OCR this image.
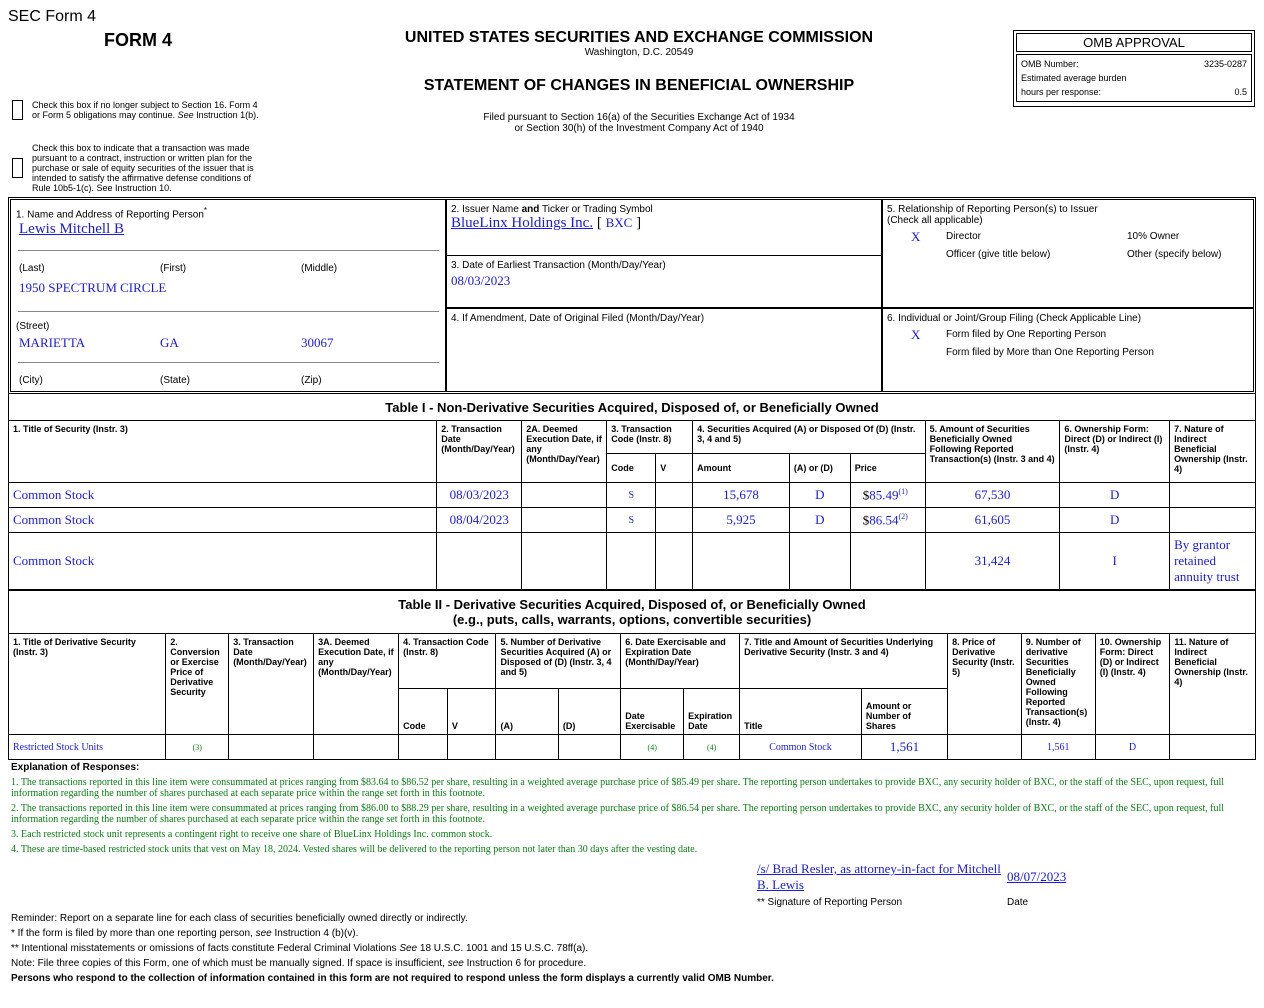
SEC Form 4
FORM 4	UNITED STATES SECURITIES AND EXCHANGE COMMISSION
Washington, D.C. 20549
STATEMENT OF CHANGES IN BENEFICIAL OWNERSHIP
Filed pursuant to Section 16(a) of the Securities Exchange Act of 1934
or Section 30(h) of the Investment Company Act of 1940
Check this box if no longer subject to Section 16. Form 4
or Form 5 obligations may continue. See Instruction 1(b).
Check this box to indicate that a transaction was made pursuant to a contract, instruction or written plan for the purchase or sale of equity securities of the issuer that is intended to satisfy the affirmative defense conditions of Rule 10b5-1(c). See Instruction 10.
OMB APPROVAL
OMB Number:	3235-0287
Estimated average burden
hours per response:	0.5
1. Name and Address of Reporting Person*
Lewis Mitchell B
(Last)	(First)	(Middle)
1950 SPECTRUM CIRCLE
(Street)
MARIETTA	GA	30067
(City)	(State)	(Zip)
2. Issuer Name and Ticker or Trading Symbol
BlueLinx Holdings Inc. [ BXC ]
3. Date of Earliest Transaction (Month/Day/Year)
08/03/2023
4. If Amendment, Date of Original Filed (Month/Day/Year)
5. Relationship of Reporting Person(s) to Issuer
(Check all applicable)
X	Director	10% Owner
Officer (give title below)	Other (specify below)
6. Individual or Joint/Group Filing (Check Applicable Line)
X	Form filed by One Reporting Person
Form filed by More than One Reporting Person
Table I - Non-Derivative Securities Acquired, Disposed of, or Beneficially Owned										
1. Title of Security (Instr. 3)	2. Transaction Date (Month/Day/Year)	2A. Deemed Execution Date, if any (Month/Day/Year)	3. Transaction Code (Instr. 8)		4. Securities Acquired (A) or Disposed Of (D) (Instr. 3, 4 and 5)			5. Amount of Securities Beneficially Owned Following Reported Transaction(s) (Instr. 3 and 4)	6. Ownership Form: Direct (D) or Indirect (I) (Instr. 4)	7. Nature of Indirect Beneficial Ownership (Instr. 4)
			Code	V	Amount	(A) or (D)	Price			
Common Stock	08/03/2023		S		15,678	D	$85.49$^{(1)}$	67,530	D	
Common Stock	08/04/2023		S		5,925	D	$86.54$^{(2)}$	61,605	D	
Common Stock								31,424	I	By grantor retained annuity trust
Table II - Derivative Securities Acquired, Disposed of, or Beneficially Owned
(e.g., puts, calls, warrants, options, convertible securities)															

1. Title of Derivative Security (Instr. 3)	2. Conversion or Exercise Price of Derivative Security	3. Transaction Date (Month/Day/Year)	3A. Deemed Execution Date, if any (Month/Day/Year)	4. Transaction Code (Instr. 8)		5. Number of Derivative Securities Acquired (A) or Disposed of (D) (Instr. 3, 4 and 5)		6. Date Exercisable and Expiration Date (Month/Day/Year)		7. Title and Amount of Securities Underlying Derivative Security (Instr. 3 and 4)		8. Price of Derivative Security (Instr. 5)	9. Number of derivative Securities Beneficially Owned Following Reported Transaction(s) (Instr. 4)	10. Ownership Form: Direct (D) or Indirect (I) (Instr. 4)	11. Nature of Indirect Beneficial Ownership (Instr. 4)
				Code	V	(A)	(D)	Date Exercisable	Expiration Date	Title	Amount or Number of Shares				
Restricted Stock Units	(3)							(4)	(4)	Common Stock	1,561		1,561	D	
Explanation of Responses:
1. The transactions reported in this line item were consummated at prices ranging from $83.64 to $86.52 per share, resulting in a weighted average purchase price of $85.49 per share. The reporting person undertakes to provide BXC, any security holder of BXC, or the staff of the SEC, upon request, full information regarding the number of shares purchased at each separate price within the range set forth in this footnote.
2. The transactions reported in this line item were consummated at prices ranging from $86.00 to $88.29 per share, resulting in a weighted average purchase price of $86.54 per share. The reporting person undertakes to provide BXC, any security holder of BXC, or the staff of the SEC, upon request, full information regarding the number of shares purchased at each separate price within the range set forth in this footnote.
3. Each restricted stock unit represents a contingent right to receive one share of BlueLinx Holdings Inc. common stock.
4. These are time-based restricted stock units that vest on May 18, 2024. Vested shares will be delivered to the reporting person not later than 30 days after the vesting date.
/s/ Brad Resler, as attorney-in-fact for Mitchell B. Lewis
08/07/2023
** Signature of Reporting Person	Date
Reminder: Report on a separate line for each class of securities beneficially owned directly or indirectly.
* If the form is filed by more than one reporting person, see Instruction 4 (b)(v).
** Intentional misstatements or omissions of facts constitute Federal Criminal Violations See 18 U.S.C. 1001 and 15 U.S.C. 78ff(a).
Note: File three copies of this Form, one of which must be manually signed. If space is insufficient, see Instruction 6 for procedure.
Persons who respond to the collection of information contained in this form are not required to respond unless the form displays a currently valid OMB Number.
